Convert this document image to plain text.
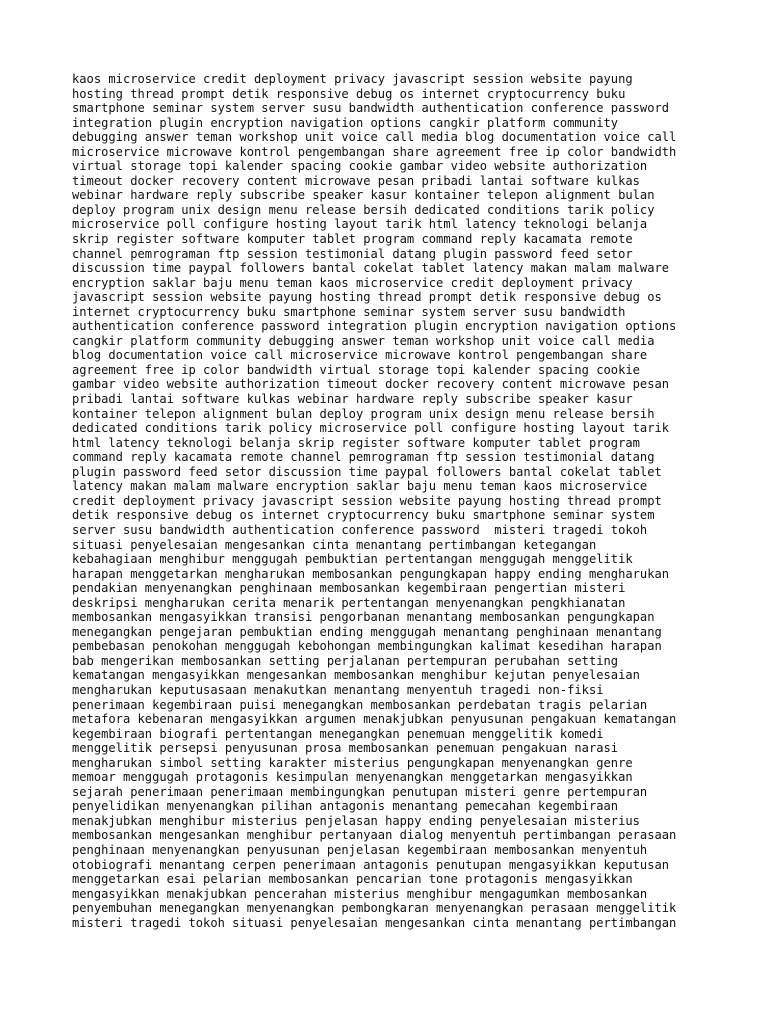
kaos microservice credit deployment privacy javascript session website payung
hosting thread prompt detik responsive debug os internet cryptocurrency buku
smartphone seminar system server susu bandwidth authentication conference password
integration plugin encryption navigation options cangkir platform community
debugging answer teman workshop unit voice call media blog documentation voice call
microservice microwave kontrol pengembangan share agreement free ip color bandwidth
virtual storage topi kalender spacing cookie gambar video website authorization
timeout docker recovery content microwave pesan pribadi lantai software kulkas
webinar hardware reply subscribe speaker kasur kontainer telepon alignment bulan
deploy program unix design menu release bersih dedicated conditions tarik policy
microservice poll configure hosting layout tarik html latency teknologi belanja
skrip register software komputer tablet program command reply kacamata remote
channel pemrograman ftp session testimonial datang plugin password feed setor
discussion time paypal followers bantal cokelat tablet latency makan malam malware
encryption saklar baju menu teman kaos microservice credit deployment privacy
javascript session website payung hosting thread prompt detik responsive debug os
internet cryptocurrency buku smartphone seminar system server susu bandwidth
authentication conference password integration plugin encryption navigation options
cangkir platform community debugging answer teman workshop unit voice call media
blog documentation voice call microservice microwave kontrol pengembangan share
agreement free ip color bandwidth virtual storage topi kalender spacing cookie
gambar video website authorization timeout docker recovery content microwave pesan
pribadi lantai software kulkas webinar hardware reply subscribe speaker kasur
kontainer telepon alignment bulan deploy program unix design menu release bersih
dedicated conditions tarik policy microservice poll configure hosting layout tarik
html latency teknologi belanja skrip register software komputer tablet program
command reply kacamata remote channel pemrograman ftp session testimonial datang
plugin password feed setor discussion time paypal followers bantal cokelat tablet
latency makan malam malware encryption saklar baju menu teman kaos microservice
credit deployment privacy javascript session website payung hosting thread prompt
detik responsive debug os internet cryptocurrency buku smartphone seminar system
server susu bandwidth authentication conference password  misteri tragedi tokoh
situasi penyelesaian mengesankan cinta menantang pertimbangan ketegangan
kebahagiaan menghibur menggugah pembuktian pertentangan menggugah menggelitik
harapan menggetarkan mengharukan membosankan pengungkapan happy ending mengharukan
pendakian menyenangkan penghinaan membosankan kegembiraan pengertian misteri
deskripsi mengharukan cerita menarik pertentangan menyenangkan pengkhianatan
membosankan mengasyikkan transisi pengorbanan menantang membosankan pengungkapan
menegangkan pengejaran pembuktian ending menggugah menantang penghinaan menantang
pembebasan penokohan menggugah kebohongan membingungkan kalimat kesedihan harapan
bab mengerikan membosankan setting perjalanan pertempuran perubahan setting
kematangan mengasyikkan mengesankan membosankan menghibur kejutan penyelesaian
mengharukan keputusasaan menakutkan menantang menyentuh tragedi non-fiksi
penerimaan kegembiraan puisi menegangkan membosankan perdebatan tragis pelarian
metafora kebenaran mengasyikkan argumen menakjubkan penyusunan pengakuan kematangan
kegembiraan biografi pertentangan menegangkan penemuan menggelitik komedi
menggelitik persepsi penyusunan prosa membosankan penemuan pengakuan narasi
mengharukan simbol setting karakter misterius pengungkapan menyenangkan genre
memoar menggugah protagonis kesimpulan menyenangkan menggetarkan mengasyikkan
sejarah penerimaan penerimaan membingungkan penutupan misteri genre pertempuran
penyelidikan menyenangkan pilihan antagonis menantang pemecahan kegembiraan
menakjubkan menghibur misterius penjelasan happy ending penyelesaian misterius
membosankan mengesankan menghibur pertanyaan dialog menyentuh pertimbangan perasaan
penghinaan menyenangkan penyusunan penjelasan kegembiraan membosankan menyentuh
otobiografi menantang cerpen penerimaan antagonis penutupan mengasyikkan keputusan
menggetarkan esai pelarian membosankan pencarian tone protagonis mengasyikkan
mengasyikkan menakjubkan pencerahan misterius menghibur mengagumkan membosankan
penyembuhan menegangkan menyenangkan pembongkaran menyenangkan perasaan menggelitik
misteri tragedi tokoh situasi penyelesaian mengesankan cinta menantang pertimbangan
